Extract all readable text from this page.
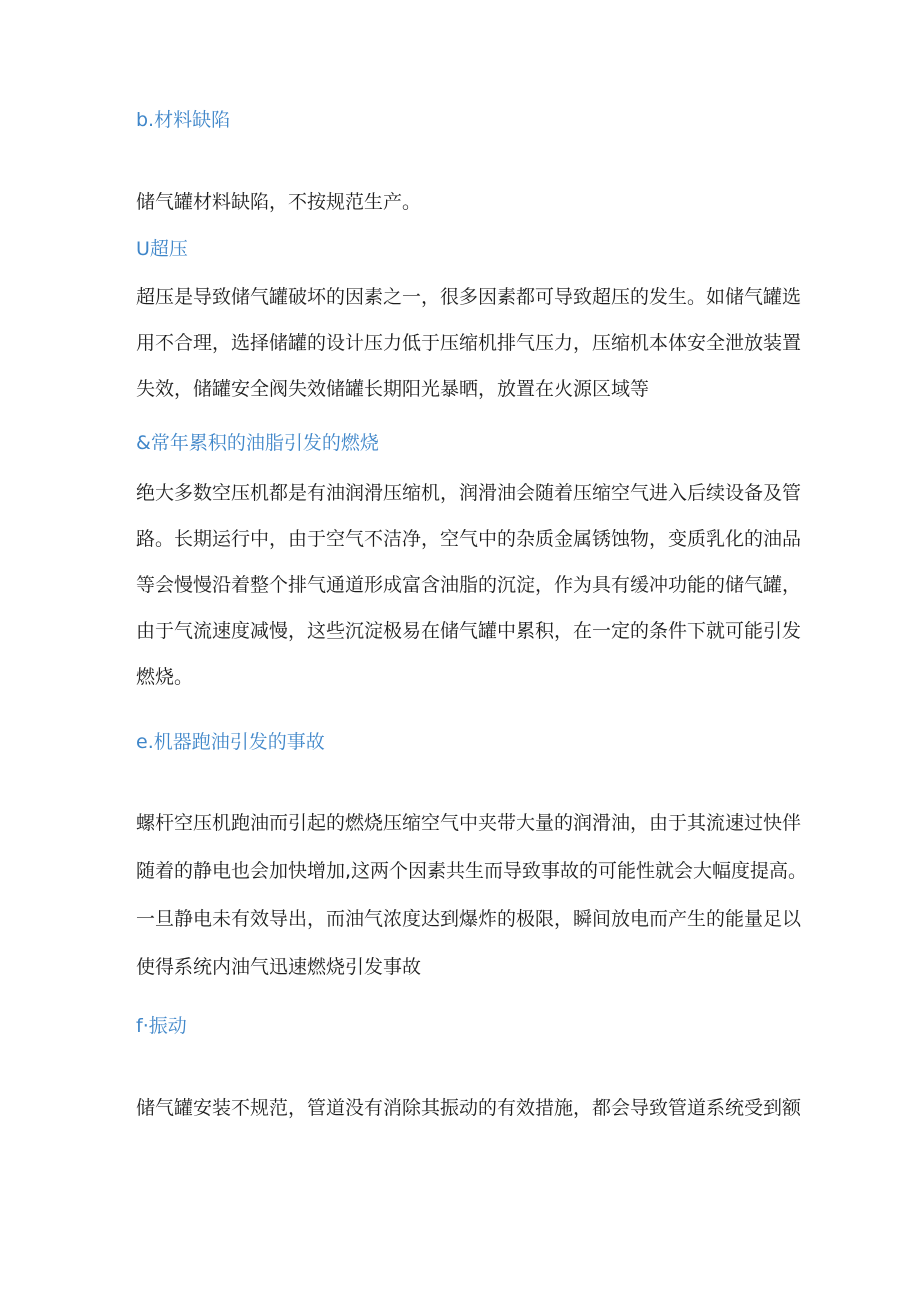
b.材料缺陷
储气罐材料缺陷，不按规范生产。
U超压
超压是导致储气罐破坏的因素之一，很多因素都可导致超压的发生。如储气罐选
用不合理，选择储罐的设计压力低于压缩机排气压力，压缩机本体安全泄放装置
失效，储罐安全阀失效储罐长期阳光暴晒，放置在火源区域等
&常年累积的油脂引发的燃烧
绝大多数空压机都是有油润滑压缩机，润滑油会随着压缩空气进入后续设备及管
路。长期运行中，由于空气不洁净，空气中的杂质金属锈蚀物，变质乳化的油品
等会慢慢沿着整个排气通道形成富含油脂的沉淀，作为具有缓冲功能的储气罐，
由于气流速度减慢，这些沉淀极易在储气罐中累积，在一定的条件下就可能引发
燃烧。
e.机器跑油引发的事故
螺杆空压机跑油而引起的燃烧压缩空气中夹带大量的润滑油，由于其流速过快伴
随着的静电也会加快增加,这两个因素共生而导致事故的可能性就会大幅度提高。
一旦静电未有效导出，而油气浓度达到爆炸的极限，瞬间放电而产生的能量足以
使得系统内油气迅速燃烧引发事故
f·振动
储气罐安装不规范，管道没有消除其振动的有效措施，都会导致管道系统受到额
